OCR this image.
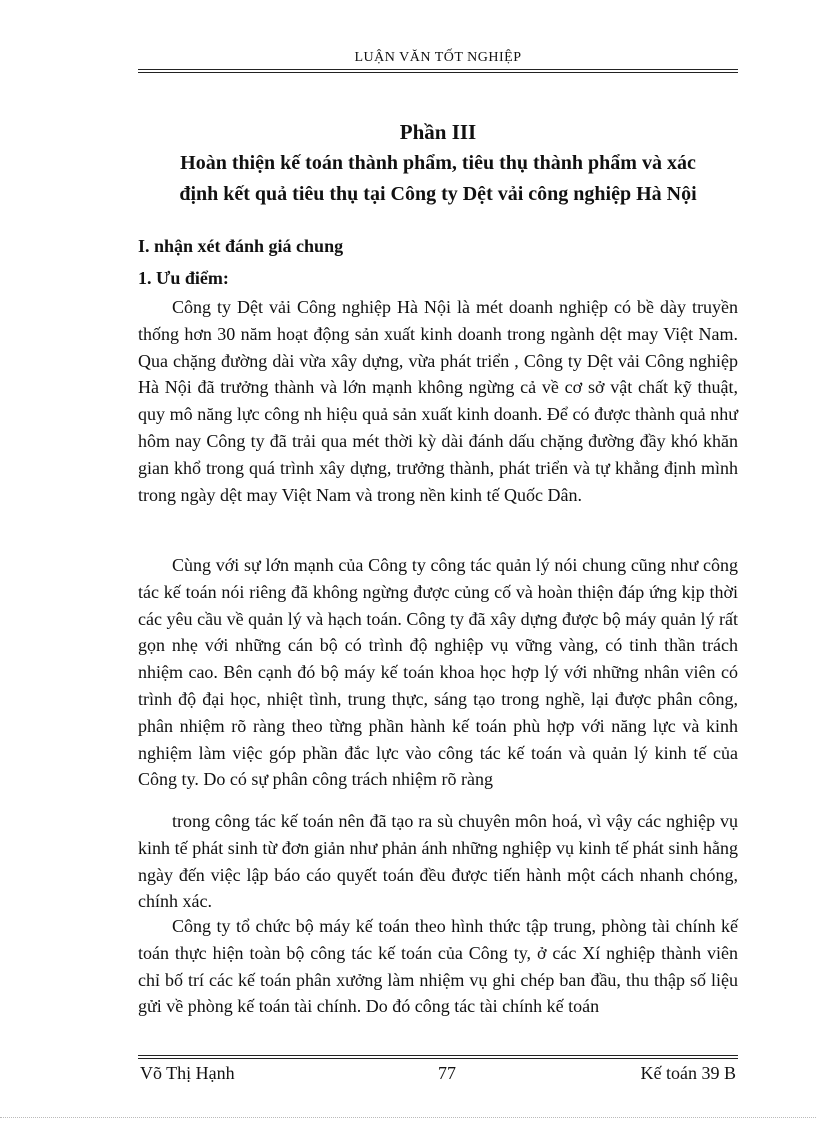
LUẬN VĂN TỐT NGHIỆP
Phần III
Hoàn thiện kế toán thành phẩm, tiêu thụ thành phẩm và xác
định kết quả tiêu thụ tại Công ty Dệt vải công nghiệp Hà Nội
I. nhận xét đánh giá chung
1. Ưu điểm:

Công ty Dệt vải Công nghiệp Hà Nội là mét doanh nghiệp có bề dày truyền thống hơn 30 năm hoạt động sản xuất kinh doanh trong ngành dệt may Việt Nam. Qua chặng đường dài vừa xây dựng, vừa phát triển , Công ty Dệt vải Công nghiệp Hà Nội đã trưởng thành và lớn mạnh không ngừng cả về cơ sở vật chất kỹ thuật, quy mô năng lực công nh hiệu quả sản xuất kinh doanh. Để có được thành quả như hôm nay Công ty đã trải qua mét thời kỳ dài đánh dấu chặng đường đầy khó khăn gian khổ trong quá trình xây dựng, trưởng thành, phát triển và tự khẳng định mình trong ngày dệt may Việt Nam và trong nền kinh tế Quốc Dân.

Cùng với sự lớn mạnh của Công ty công tác quản lý nói chung cũng như công tác kế toán nói riêng đã không ngừng được củng cố và hoàn thiện đáp ứng kịp thời các yêu cầu về quản lý và hạch toán. Công ty đã xây dựng được bộ máy quản lý rất gọn nhẹ với những cán bộ có trình độ nghiệp vụ vững vàng, có tinh thần trách nhiệm cao. Bên cạnh đó bộ máy kế toán khoa học hợp lý với những nhân viên có trình độ đại học, nhiệt tình, trung thực, sáng tạo trong nghề, lại được phân công, phân nhiệm rõ ràng theo từng phần hành kế toán phù hợp với năng lực và kinh nghiệm làm việc góp phần đắc lực vào công tác kế toán và quản lý kinh tế của Công ty. Do có sự phân công trách nhiệm rõ ràng

trong công tác kế toán nên đã tạo ra sù chuyên môn hoá, vì vậy các nghiệp vụ kinh tế phát sinh từ đơn giản như phản ánh những nghiệp vụ kinh tế phát sinh hằng ngày đến việc lập báo cáo quyết toán đều được tiến hành một cách nhanh chóng, chính xác.

Công ty tổ chức bộ máy kế toán theo hình thức tập trung, phòng tài chính kế toán thực hiện toàn bộ công tác kế toán của Công ty, ở các Xí nghiệp thành viên chỉ bố trí các kế toán phân xưởng làm nhiệm vụ ghi chép ban đầu, thu thập số liệu gửi về phòng kế toán tài chính. Do đó công tác tài chính kế toán

Võ Thị Hạnh	77	Kế toán 39 B
